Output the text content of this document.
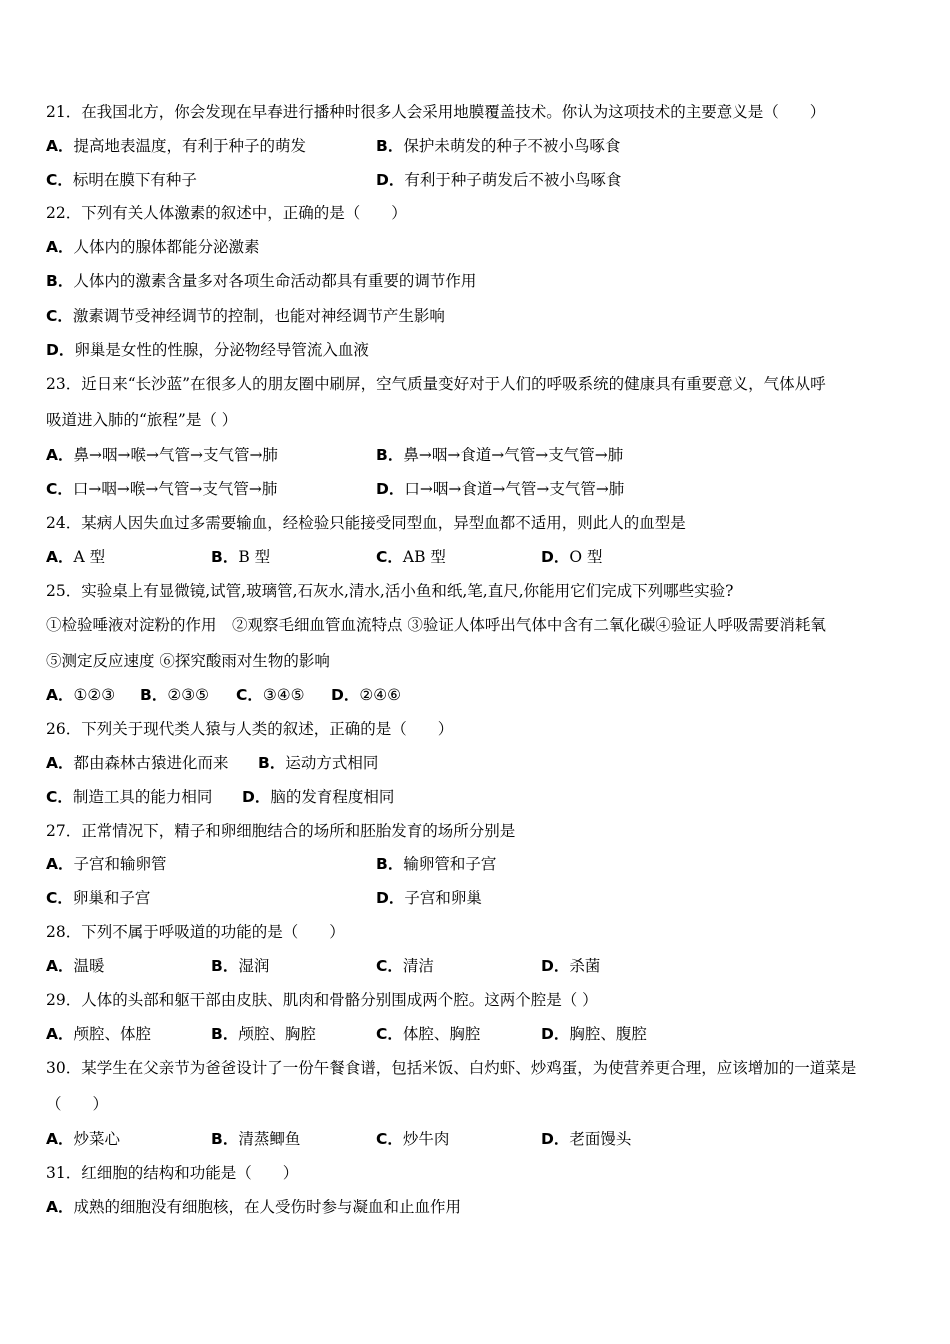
21．在我国北方，你会发现在早春进行播种时很多人会采用地膜覆盖技术。你认为这项技术的主要意义是（　　）
A．提高地表温度，有利于种子的萌发	B．保护未萌发的种子不被小鸟啄食
C．标明在膜下有种子	D．有利于种子萌发后不被小鸟啄食
22．下列有关人体激素的叙述中，正确的是（　　）
A．人体内的腺体都能分泌激素
B．人体内的激素含量多对各项生命活动都具有重要的调节作用
C．激素调节受神经调节的控制，也能对神经调节产生影响
D．卵巢是女性的性腺，分泌物经导管流入血液
23．近日来“长沙蓝”在很多人的朋友圈中刷屏，空气质量变好对于人们的呼吸系统的健康具有重要意义，气体从呼
吸道进入肺的“旅程”是（ ）
A．鼻→咽→喉→气管→支气管→肺	B．鼻→咽→食道→气管→支气管→肺
C．口→咽→喉→气管→支气管→肺	D．口→咽→食道→气管→支气管→肺
24．某病人因失血过多需要输血，经检验只能接受同型血，异型血都不适用，则此人的血型是
A．A 型	B．B 型	C．AB 型	D．O 型
25．实验桌上有显微镜,试管,玻璃管,石灰水,清水,活小鱼和纸,笔,直尺,你能用它们完成下列哪些实验?
①检验唾液对淀粉的作用　②观察毛细血管血流特点 ③验证人体呼出气体中含有二氧化碳④验证人呼吸需要消耗氧
⑤测定反应速度 ⑥探究酸雨对生物的影响
A．①②③ B．②③⑤ C．③④⑤ D．②④⑥
26．下列关于现代类人猿与人类的叙述，正确的是（　　）
A．都由森林古猿进化而来 B．运动方式相同
C．制造工具的能力相同 D．脑的发育程度相同
27．正常情况下，精子和卵细胞结合的场所和胚胎发育的场所分别是
A．子宫和输卵管	B．输卵管和子宫
C．卵巢和子宫	D．子宫和卵巢
28．下列不属于呼吸道的功能的是（　　）
A．温暖	B．湿润	C．清洁	D．杀菌
29．人体的头部和躯干部由皮肤、肌肉和骨骼分别围成两个腔。这两个腔是（ ）
A．颅腔、体腔	B．颅腔、胸腔	C．体腔、胸腔	D．胸腔、腹腔
30．某学生在父亲节为爸爸设计了一份午餐食谱，包括米饭、白灼虾、炒鸡蛋，为使营养更合理，应该增加的一道菜是
（　　）
A．炒菜心	B．清蒸鲫鱼	C．炒牛肉	D．老面馒头
31．红细胞的结构和功能是（　　）
A．成熟的细胞没有细胞核，在人受伤时参与凝血和止血作用
